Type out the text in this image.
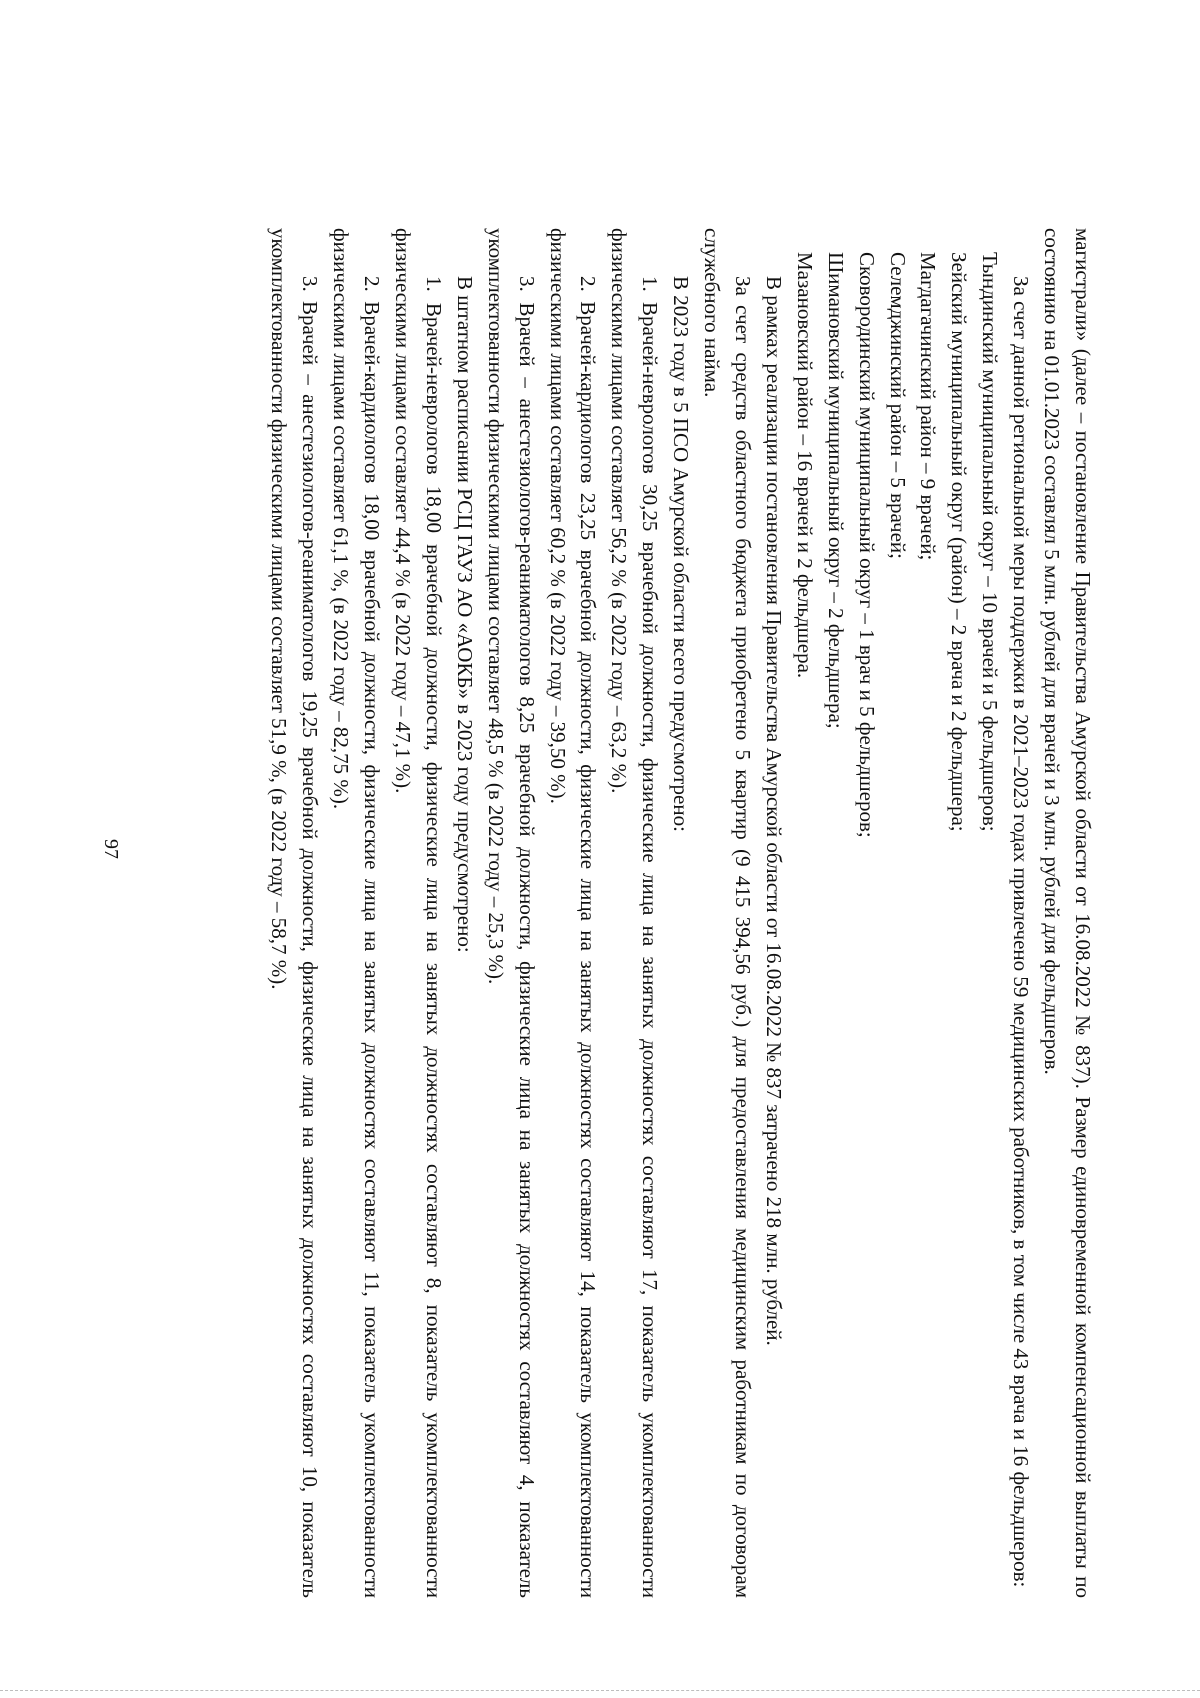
97	магистрали» (далее – постановление Правительства Амурской области от 16.08.2022 № 837). Размер единовременной компенсационной выплаты по состоянию на 01.01.2023 составлял 5 млн. рублей для врачей и 3 млн. рублей для фельдшеров.

За счет данной региональной меры поддержки в 2021–2023 годах привлечено 59 медицинских работников, в том числе 43 врача и 16 фельдшеров:

Тындинский муниципальный округ – 10 врачей и 5 фельдшеров;

Зейский муниципальный округ (район) – 2 врача и 2 фельдшера;

Магдагачинский район – 9 врачей;

Селемджинский район – 5 врачей;

Сковородинский муниципальный округ – 1 врач и 5 фельдшеров;

Шимановский муниципальный округ – 2 фельдшера;

Мазановский район – 16 врачей и 2 фельдшера.

В рамках реализации постановления Правительства Амурской области от 16.08.2022 № 837 затрачено 218 млн. рублей.

За счет средств областного бюджета приобретено 5 квартир (9 415 394,56 руб.) для предоставления медицинским работникам по договорам служебного найма.

В 2023 году в 5 ПСО Амурской области всего предусмотрено:

1. Врачей-неврологов 30,25 врачебной должности, физические лица на занятых должностях составляют 17, показатель укомплектованности физическими лицами составляет 56,2 % (в 2022 году – 63,2 %).

2. Врачей-кардиологов 23,25 врачебной должности, физические лица на занятых должностях составляют 14, показатель укомплектованности физическими лицами составляет 60,2 % (в 2022 году – 39,50 %).

3. Врачей – анестезиологов-реаниматологов 8,25 врачебной должности, физические лица на занятых должностях составляют 4, показатель укомплектованности физическими лицами составляет 48,5 % (в 2022 году – 25,3 %).

В штатном расписании РСЦ ГАУЗ АО «АОКБ» в 2023 году предусмотрено:

1. Врачей-неврологов 18,00 врачебной должности, физические лица на занятых должностях составляют 8, показатель укомплектованности физическими лицами составляет 44,4 % (в 2022 году – 47,1 %).

2. Врачей-кардиологов 18,00 врачебной должности, физические лица на занятых должностях составляют 11, показатель укомплектованности физическими лицами составляет 61,1 %, (в 2022 году – 82,75 %).

3. Врачей – анестезиологов-реаниматологов 19,25 врачебной должности, физические лица на занятых должностях составляют 10, показатель укомплектованности физическими лицами составляет 51,9 %, (в 2022 году – 58,7 %).
